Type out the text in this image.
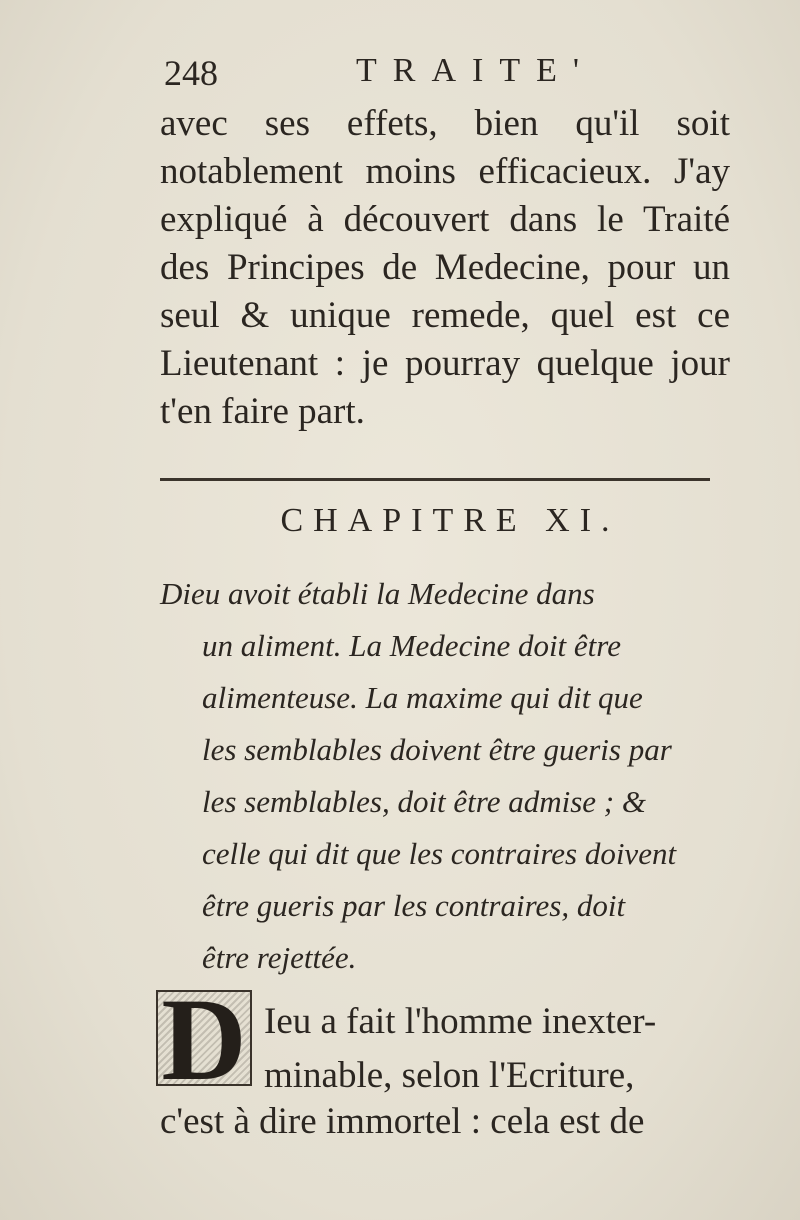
248	TRAITE'

avec ses effets, bien qu'il soit notablement moins efficacieux. J'ay expliqué à découvert dans le Traité des Principes de Medecine, pour un seul & unique remede, quel est ce Lieutenant : je pourray quelque jour t'en faire part.

CHAPITRE XI.

Dieu avoit établi la Medecine dans
un aliment. La Medecine doit être
alimenteuse. La maxime qui dit que
les semblables doivent être gueris par
les semblables, doit être admise ; &
celle qui dit que les contraires doivent
être gueris par les contraires, doit
être rejettée.

D Ieu a fait l'homme inexter-
minable, selon l'Ecriture,
c'est à dire immortel : cela est de
